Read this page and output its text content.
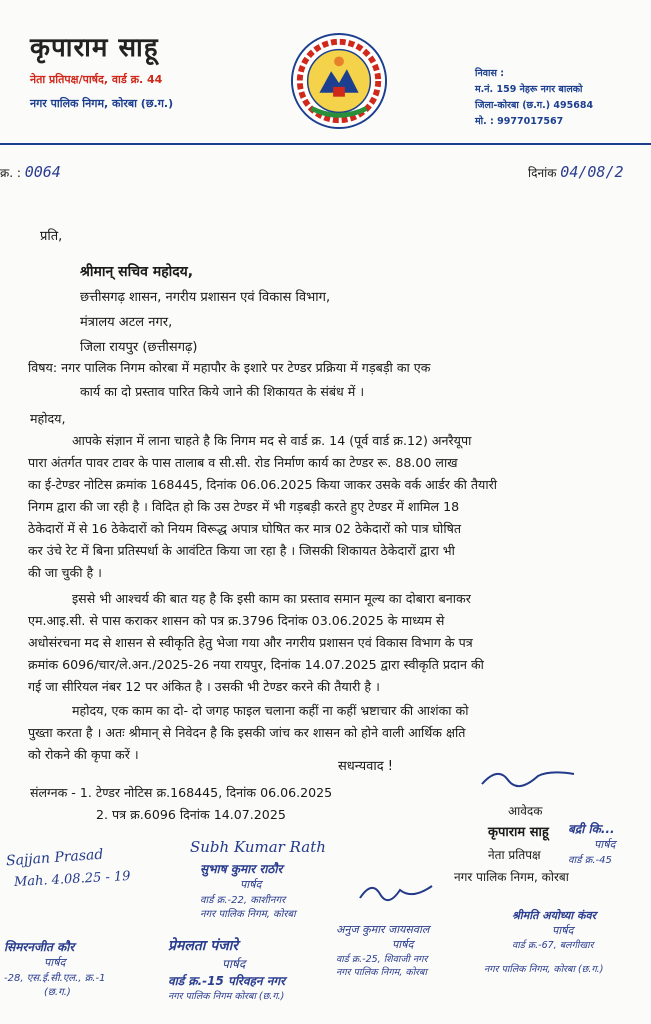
कृपाराम साहू
नेता प्रतिपक्ष/पार्षद, वार्ड क्र. 44
नगर पालिक निगम, कोरबा (छ.ग.)
निवास :
म.नं. 159 नेहरू नगर बालको
जिला-कोरबा (छ.ग.) 495684
मो. : 9977017567
क्र. : 0064	दिनांक 04/08/2
प्रति,
श्रीमान् सचिव महोदय,
छत्तीसगढ़ शासन, नगरीय प्रशासन एवं विकास विभाग,
मंत्रालय अटल नगर,
जिला रायपुर (छत्तीसगढ़)
विषय: नगर पालिक निगम कोरबा में महापौर के इशारे पर टेण्डर प्रक्रिया में गड़बड़ी का एक
कार्य का दो प्रस्ताव पारित किये जाने की शिकायत के संबंध में ।
महोदय,
आपके संज्ञान में लाना चाहते है कि निगम मद से वार्ड क्र. 14 (पूर्व वार्ड क्र.12) अनरैयूपा
पारा अंतर्गत पावर टावर के पास तालाब व सी.सी. रोड निर्माण कार्य का टेण्डर रू. 88.00 लाख
का ई-टेण्डर नोटिस क्रमांक 168445, दिनांक 06.06.2025 किया जाकर उसके वर्क आर्डर की तैयारी
निगम द्वारा की जा रही है । विदित हो कि उस टेण्डर में भी गड़बड़ी करते हुए टेण्डर में शामिल 18
ठेकेदारों में से 16 ठेकेदारों को नियम विरूद्ध अपात्र घोषित कर मात्र 02 ठेकेदारों को पात्र घोषित
कर उंचे रेट में बिना प्रतिस्पर्धा के आवंटित किया जा रहा है । जिसकी शिकायत ठेकेदारों द्वारा भी
की जा चुकी है ।
इससे भी आश्चर्य की बात यह है कि इसी काम का प्रस्ताव समान मूल्य का दोबारा बनाकर
एम.आइ.सी. से पास कराकर शासन को पत्र क्र.3796 दिनांक 03.06.2025 के माध्यम से
अधोसंरचना मद से शासन से स्वीकृति हेतु भेजा गया और नगरीय प्रशासन एवं विकास विभाग के पत्र
क्रमांक 6096/चार/ले.अन./2025-26 नया रायपुर, दिनांक 14.07.2025 द्वारा स्वीकृति प्रदान की
गई जा सीरियल नंबर 12 पर अंकित है । उसकी भी टेण्डर करने की तैयारी है ।
महोदय, एक काम का दो- दो जगह फाइल चलाना कहीं ना कहीं भ्रष्टाचार की आशंका को
पुख्ता करता है । अतः श्रीमान् से निवेदन है कि इसकी जांच कर शासन को होने वाली आर्थिक क्षति
को रोकने की कृपा करें ।
सधन्यवाद !
संलग्नक - 1. टेण्डर नोटिस क्र.168445, दिनांक 06.06.2025
2. पत्र क्र.6096 दिनांक 14.07.2025	आवेदक
कृपाराम साहू
नेता प्रतिपक्ष
नगर पालिक निगम, कोरबा
Sajjan Prasad
Mah. 4.08.25 - 19
Subh Kumar Rath
सुभाष कुमार राठौर
पार्षद
वार्ड क्र.-22, काशीनगर
नगर पालिक निगम, कोरबा
अनुज कुमार जायसवाल
पार्षद
वार्ड क्र.-25, शिवाजी नगर
नगर पालिक निगम, कोरबा
श्रीमति अयोध्या कंवर
पार्षद
वार्ड क्र.-67, बलगीखार
नगर पालिक निगम, कोरबा (छ.ग.)
बद्री कि...
पार्षद
वार्ड क्र.-45
सिमरनजीत कौर
पार्षद
-28, एस.ई.सी.एल., क्र.-1
(छ.ग.)
प्रेमलता पंजारे
पार्षद
वार्ड क्र.-15 परिवहन नगर
नगर पालिक निगम कोरबा (छ.ग.)
